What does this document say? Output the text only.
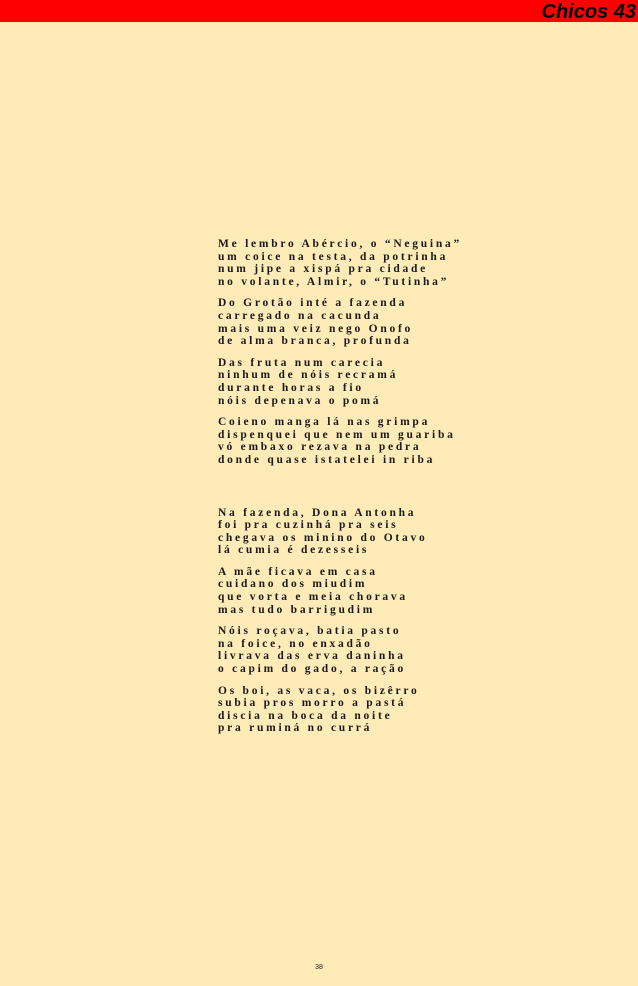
Chicos 43
Me lembro Abércio, o “Neguina”
um coice na testa, da potrinha
num jipe a xispá pra cidade
no volante, Almir, o “Tutinha”
Do Grotão inté a fazenda
carregado na cacunda
mais uma veiz nego Onofo
de alma branca, profunda
Das fruta num carecia
ninhum de nóis recramá
durante horas a fio
nóis depenava o pomá
Coieno manga lá nas grimpa
dispenquei que nem um guariba
vó embaxo rezava na pedra
donde quase istatelei in riba
Na fazenda, Dona Antonha
foi pra cuzinhá pra seis
chegava os minino do Otavo
lá cumia é dezesseis
A mãe ficava em casa
cuidano dos miudim
que vorta e meia chorava
mas tudo barrigudim
Nóis roçava, batia pasto
na foice, no enxadão
livrava das erva daninha
o capim do gado, a ração
Os boi, as vaca, os bizêrro
subia pros morro a pastá
discia na boca da noite
pra ruminá no currá
38
